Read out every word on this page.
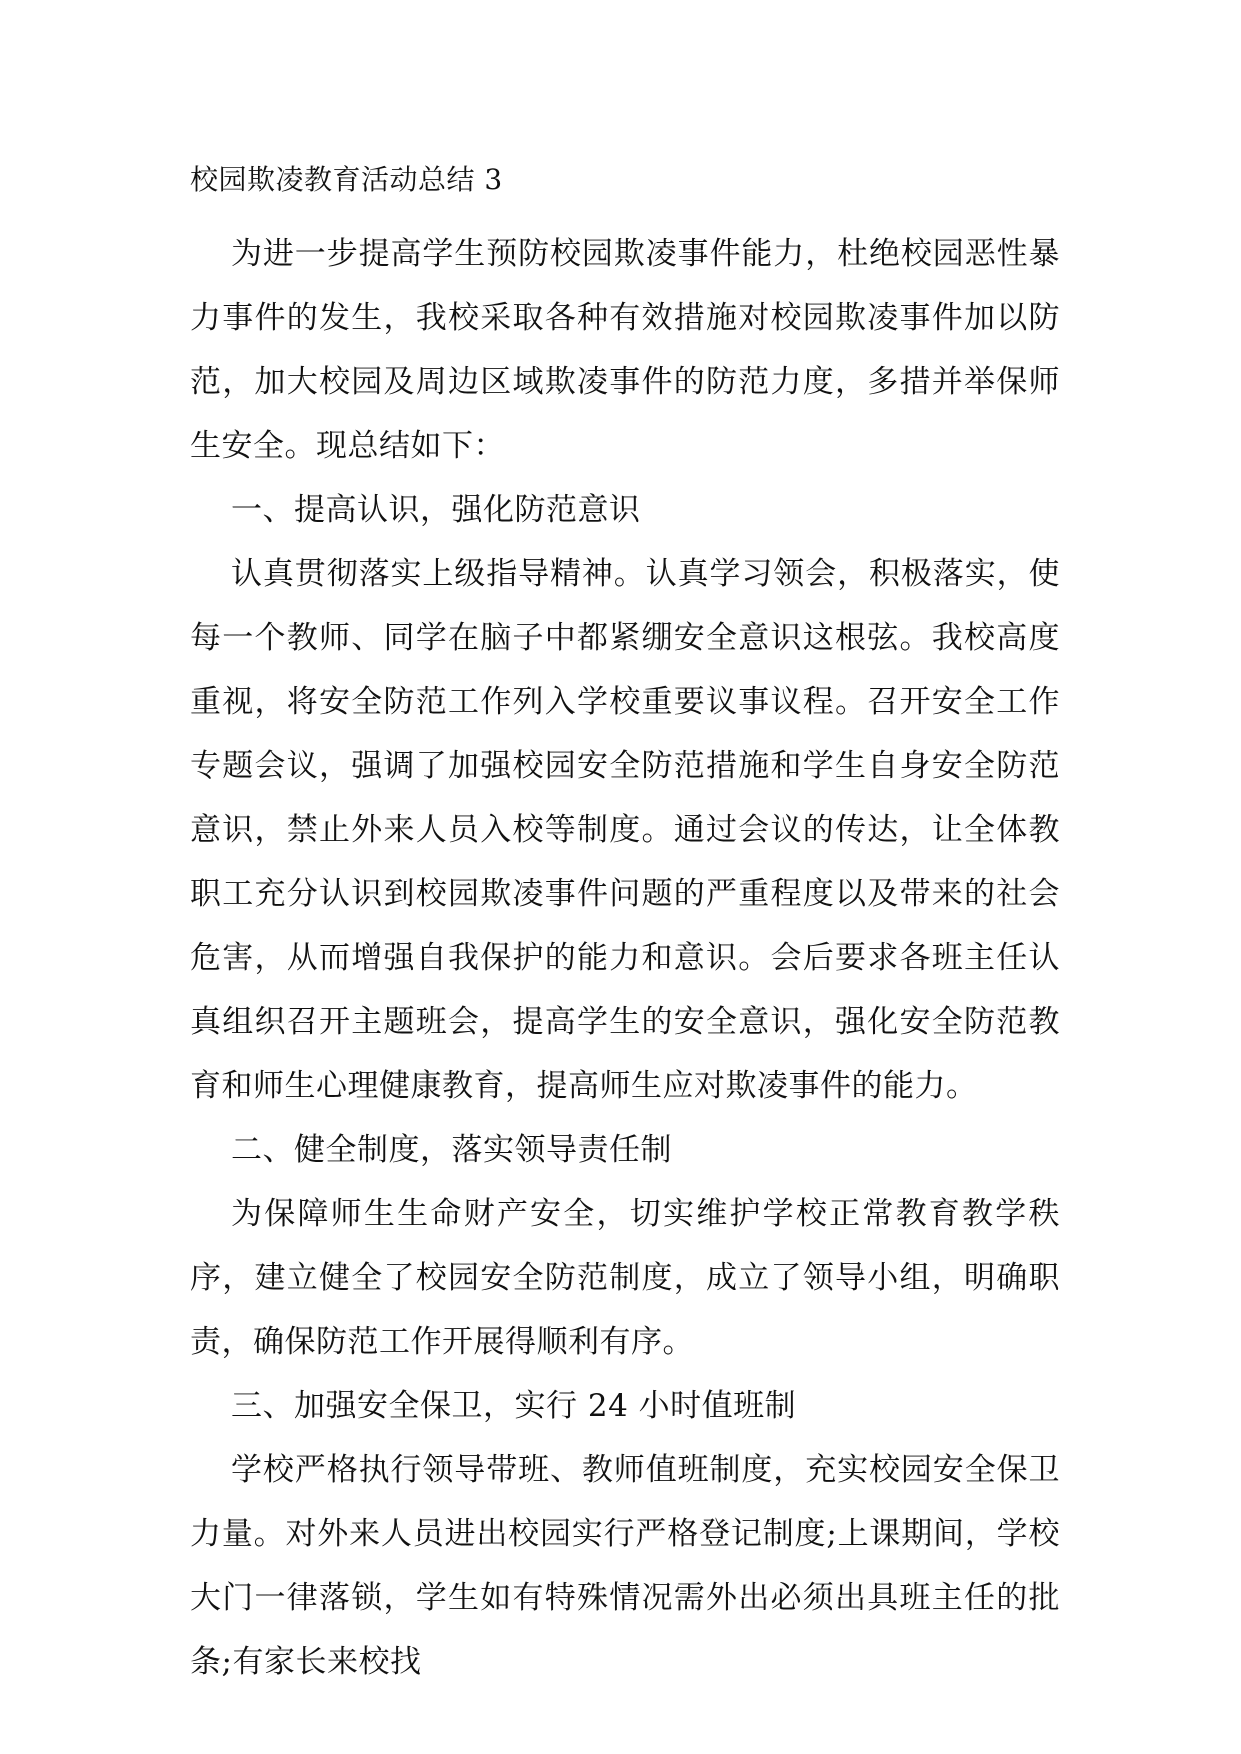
校园欺凌教育活动总结 3

为进一步提高学生预防校园欺凌事件能力，杜绝校园恶性暴力事件的发生，我校采取各种有效措施对校园欺凌事件加以防范，加大校园及周边区域欺凌事件的防范力度，多措并举保师生安全。现总结如下：

一、提高认识，强化防范意识

认真贯彻落实上级指导精神。认真学习领会，积极落实，使每一个教师、同学在脑子中都紧绷安全意识这根弦。我校高度重视，将安全防范工作列入学校重要议事议程。召开安全工作专题会议，强调了加强校园安全防范措施和学生自身安全防范意识，禁止外来人员入校等制度。通过会议的传达，让全体教职工充分认识到校园欺凌事件问题的严重程度以及带来的社会危害，从而增强自我保护的能力和意识。会后要求各班主任认真组织召开主题班会，提高学生的安全意识，强化安全防范教育和师生心理健康教育，提高师生应对欺凌事件的能力。

二、健全制度，落实领导责任制

为保障师生生命财产安全，切实维护学校正常教育教学秩序，建立健全了校园安全防范制度，成立了领导小组，明确职责，确保防范工作开展得顺利有序。

三、加强安全保卫，实行 24 小时值班制

学校严格执行领导带班、教师值班制度，充实校园安全保卫力量。对外来人员进出校园实行严格登记制度;上课期间，学校大门一律落锁，学生如有特殊情况需外出必须出具班主任的批条;有家长来校找
